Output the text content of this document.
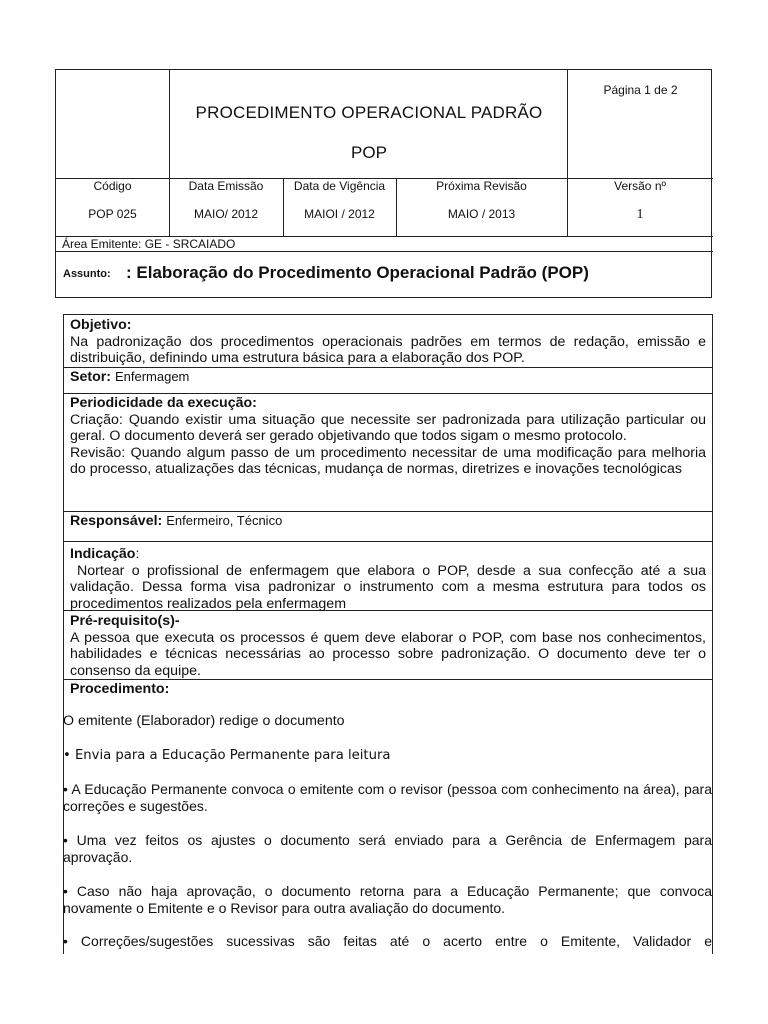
PROCEDIMENTO OPERACIONAL PADRÃO
POP
Página 1 de 2
Código	Data Emissão	Data de Vigência	Próxima Revisão	Versão nº
POP 025	MAIO/ 2012	MAIOI / 2012	MAIO / 2013	1
Área Emitente: GE - SRCAIADO
Assunto: : Elaboração do Procedimento Operacional Padrão (POP)
Objetivo:
Na padronização dos procedimentos operacionais padrões em termos de redação, emissão e distribuição, definindo uma estrutura básica para a elaboração dos POP.
Setor: Enfermagem
Periodicidade da execução:
Criação: Quando existir uma situação que necessite ser padronizada para utilização particular ou geral. O documento deverá ser gerado objetivando que todos sigam o mesmo protocolo.
Revisão: Quando algum passo de um procedimento necessitar de uma modificação para melhoria do processo, atualizações das técnicas, mudança de normas, diretrizes e inovações tecnológicas
Responsável: Enfermeiro, Técnico
Indicação:
Nortear o profissional de enfermagem que elabora o POP, desde a sua confecção até a sua validação. Dessa forma visa padronizar o instrumento com a mesma estrutura para todos os procedimentos realizados pela enfermagem
Pré-requisito(s)-
A pessoa que executa os processos é quem deve elaborar o POP, com base nos conhecimentos, habilidades e técnicas necessárias ao processo sobre padronização. O documento deve ter o consenso da equipe.
Procedimento:
O emitente (Elaborador) redige o documento
• Envia para a Educação Permanente para leitura
• A Educação Permanente convoca o emitente com o revisor (pessoa com conhecimento na área), para correções e sugestões.
• Uma vez feitos os ajustes o documento será enviado para a Gerência de Enfermagem para aprovação.
• Caso não haja aprovação, o documento retorna para a Educação Permanente; que convoca novamente o Emitente e o Revisor para outra avaliação do documento.
• Correções/sugestões sucessivas são feitas até o acerto entre o Emitente, Validador e
